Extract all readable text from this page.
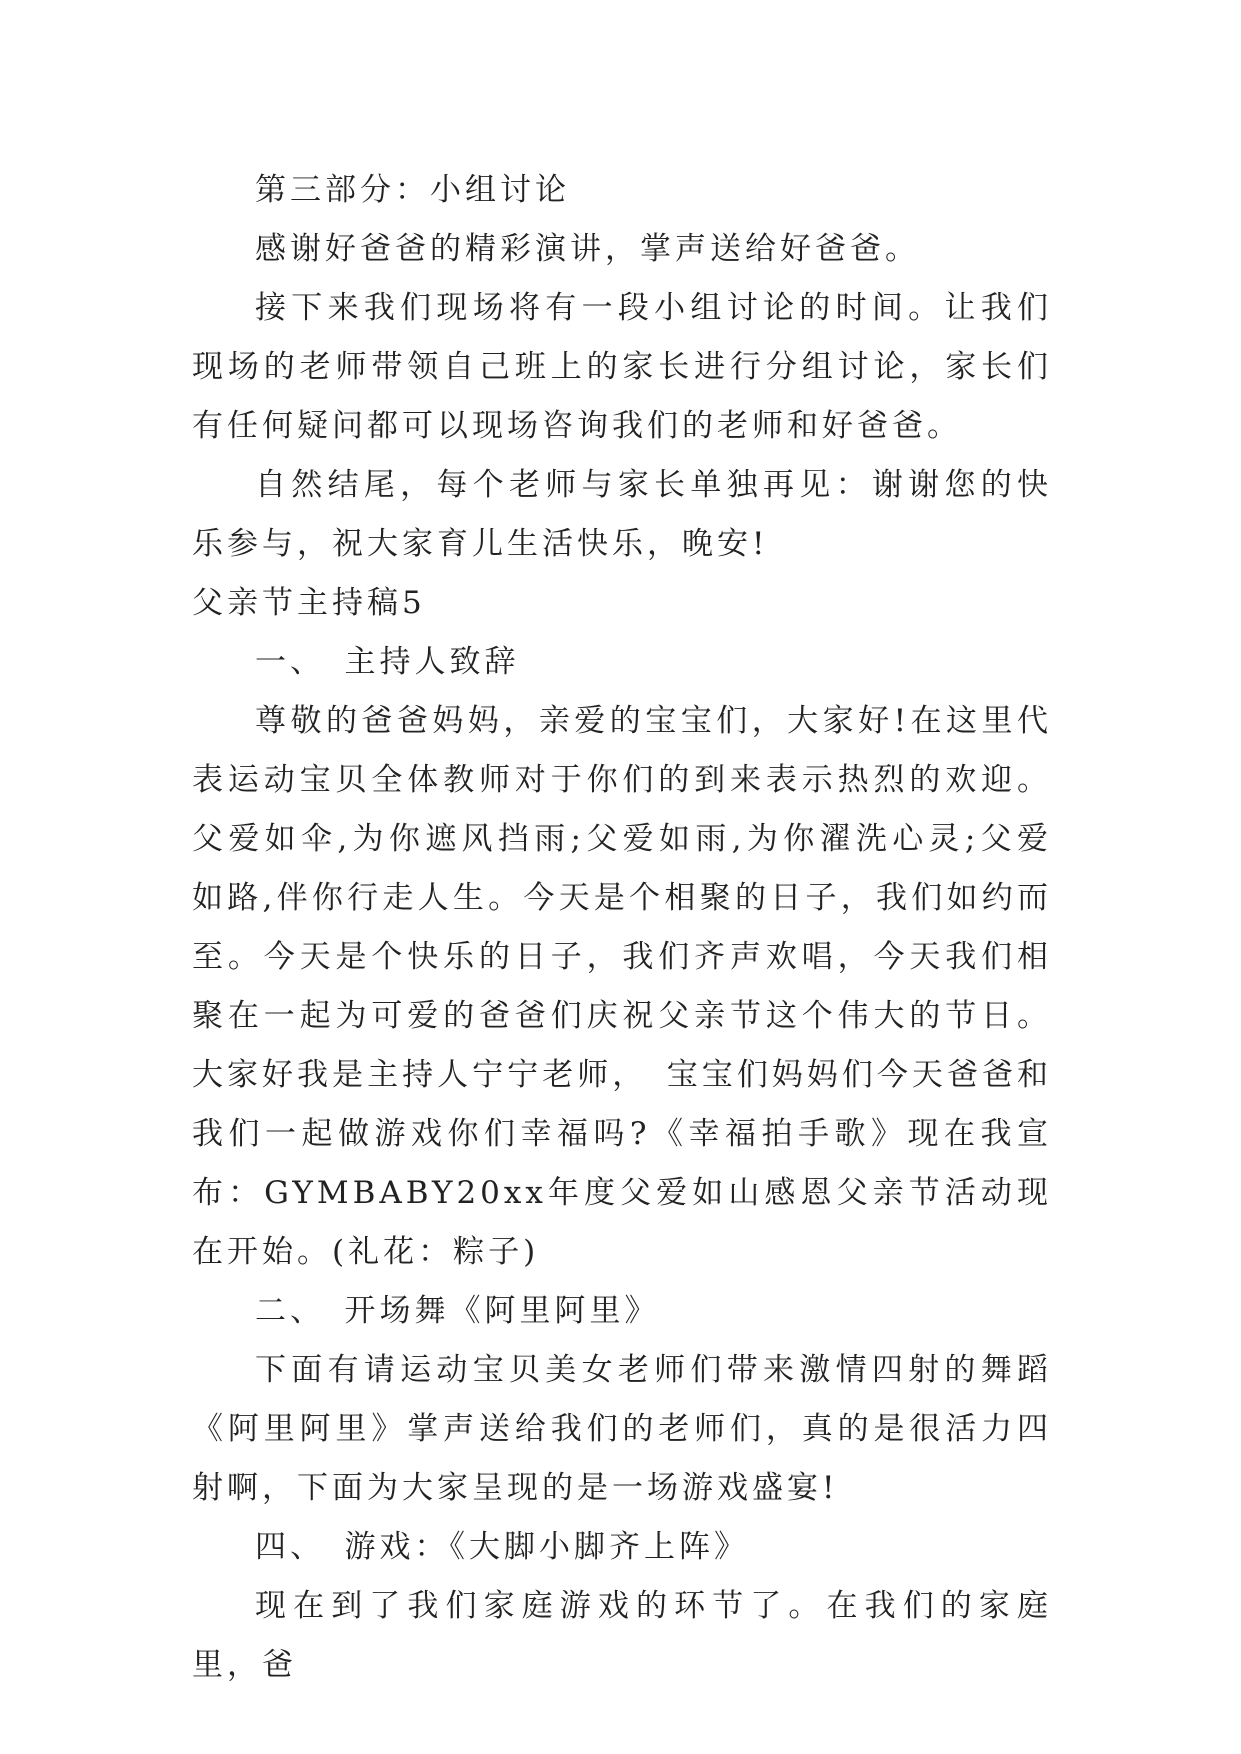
第三部分：小组讨论

感谢好爸爸的精彩演讲，掌声送给好爸爸。

接下来我们现场将有一段小组讨论的时间。让我们现场的老师带领自己班上的家长进行分组讨论，家长们有任何疑问都可以现场咨询我们的老师和好爸爸。

自然结尾，每个老师与家长单独再见：谢谢您的快乐参与，祝大家育儿生活快乐，晚安!

父亲节主持稿5

一、　主持人致辞

尊敬的爸爸妈妈，亲爱的宝宝们，大家好!在这里代表运动宝贝全体教师对于你们的到来表示热烈的欢迎。父爱如伞,为你遮风挡雨;父爱如雨,为你濯洗心灵;父爱如路,伴你行走人生。今天是个相聚的日子，我们如约而至。今天是个快乐的日子，我们齐声欢唱，今天我们相聚在一起为可爱的爸爸们庆祝父亲节这个伟大的节日。大家好我是主持人宁宁老师，　宝宝们妈妈们今天爸爸和我们一起做游戏你们幸福吗?《幸福拍手歌》现在我宣布：GYMBABY20xx年度父爱如山感恩父亲节活动现在开始。(礼花：粽子)

二、　开场舞《阿里阿里》

下面有请运动宝贝美女老师们带来激情四射的舞蹈《阿里阿里》掌声送给我们的老师们，真的是很活力四射啊，下面为大家呈现的是一场游戏盛宴!

四、　游戏：《大脚小脚齐上阵》

现在到了我们家庭游戏的环节了。在我们的家庭里，爸
